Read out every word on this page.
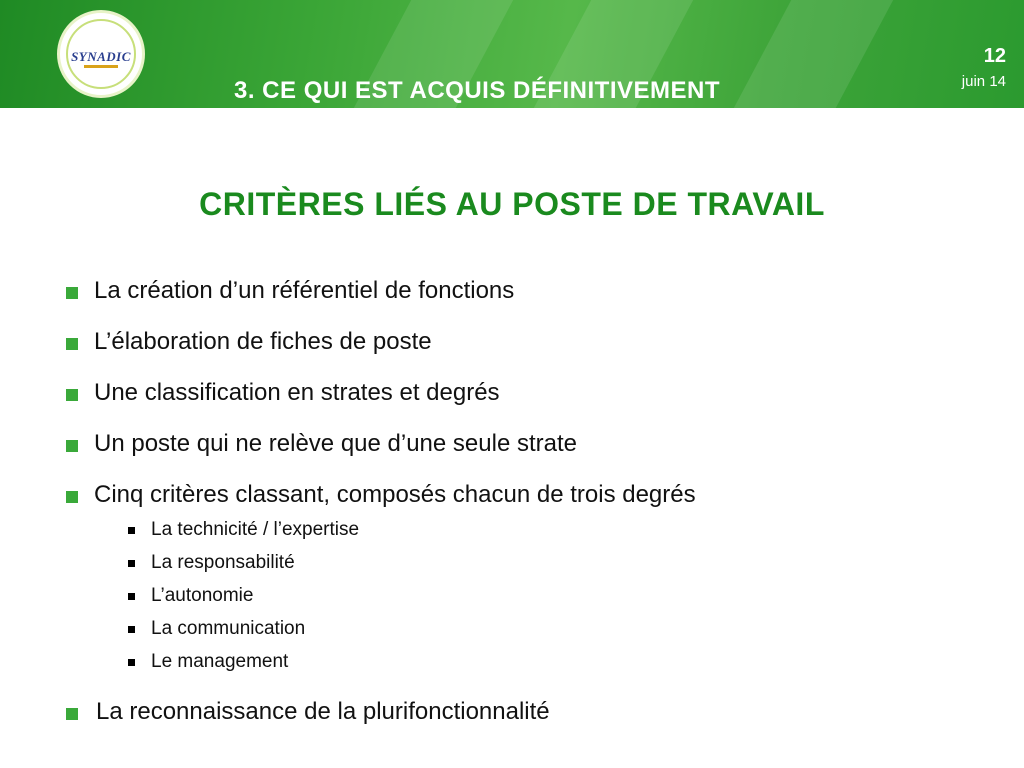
SYNADIC
3. CE QUI EST ACQUIS DÉFINITIVEMENT
12
juin 14
CRITÈRES LIÉS AU POSTE DE TRAVAIL
La création d’un référentiel de fonctions
L’élaboration de fiches de poste
Une classification en strates et degrés
Un poste qui ne relève que d’une seule strate
Cinq critères classant, composés chacun de trois degrés
La technicité / l’expertise
La responsabilité
L’autonomie
La communication
Le management
La reconnaissance de la plurifonctionnalité
